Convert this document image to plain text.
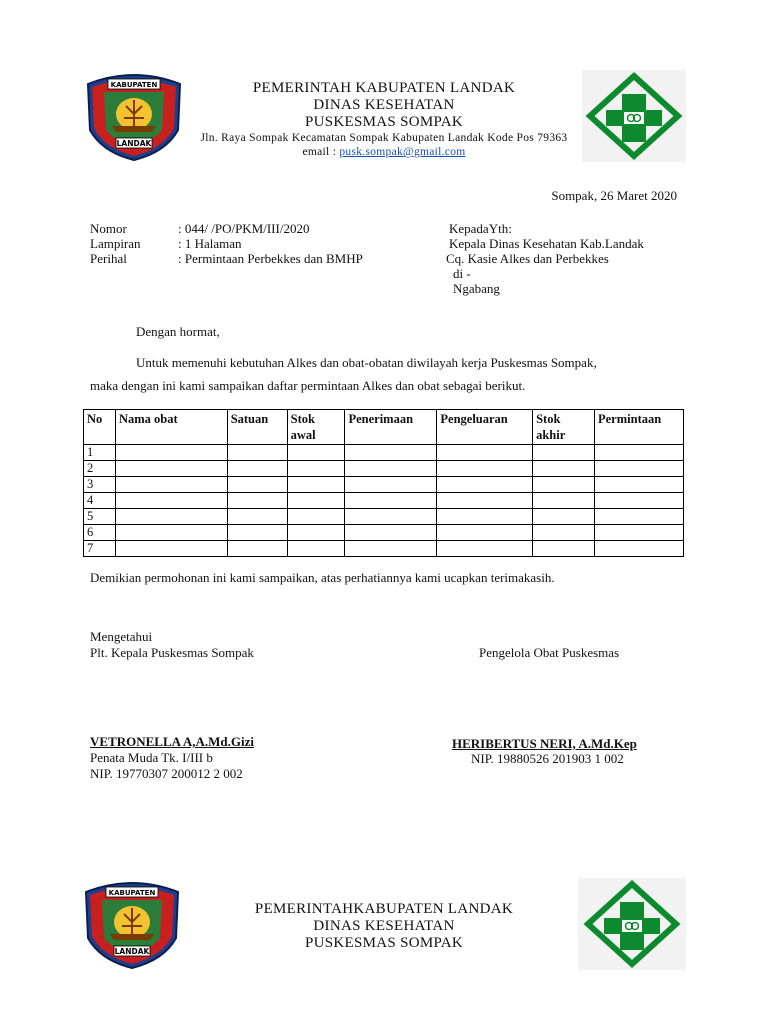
KABUPATEN
LANDAK
PEMERINTAH KABUPATEN LANDAK
DINAS KESEHATAN
PUSKESMAS SOMPAK
Jln. Raya Sompak Kecamatan Sompak Kabupaten Landak Kode Pos 79363
email : pusk.sompak@gmail.com
Sompak, 26 Maret 2020
Nomor	: 044/ /PO/PKM/III/2020
Lampiran	: 1 Halaman
Perihal	: Permintaan Perbekkes dan BMHP
KepadaYth:
Kepala Dinas Kesehatan Kab.Landak
Cq. Kasie Alkes dan Perbekkes
di -
Ngabang
Dengan hormat,
Untuk memenuhi kebutuhan Alkes dan obat-obatan diwilayah kerja Puskesmas Sompak,
maka dengan ini kami sampaikan daftar permintaan Alkes dan obat sebagai berikut.
No	Nama obat	Satuan	Stok awal	Penerimaan	Pengeluaran	Stok akhir	Permintaan
1							
2							
3							
4							
5							
6							
7							
Demikian permohonan ini kami sampaikan, atas perhatiannya kami ucapkan terimakasih.
Mengetahui
Plt. Kepala Puskesmas Sompak	Pengelola Obat Puskesmas
VETRONELLA A,A.Md.Gizi
Penata Muda Tk. I/III b
NIP. 19770307 200012 2 002
HERIBERTUS NERI, A.Md.Kep
NIP. 19880526 201903 1 002
KABUPATEN
LANDAK
PEMERINTAHKABUPATEN LANDAK
DINAS KESEHATAN
PUSKESMAS SOMPAK
